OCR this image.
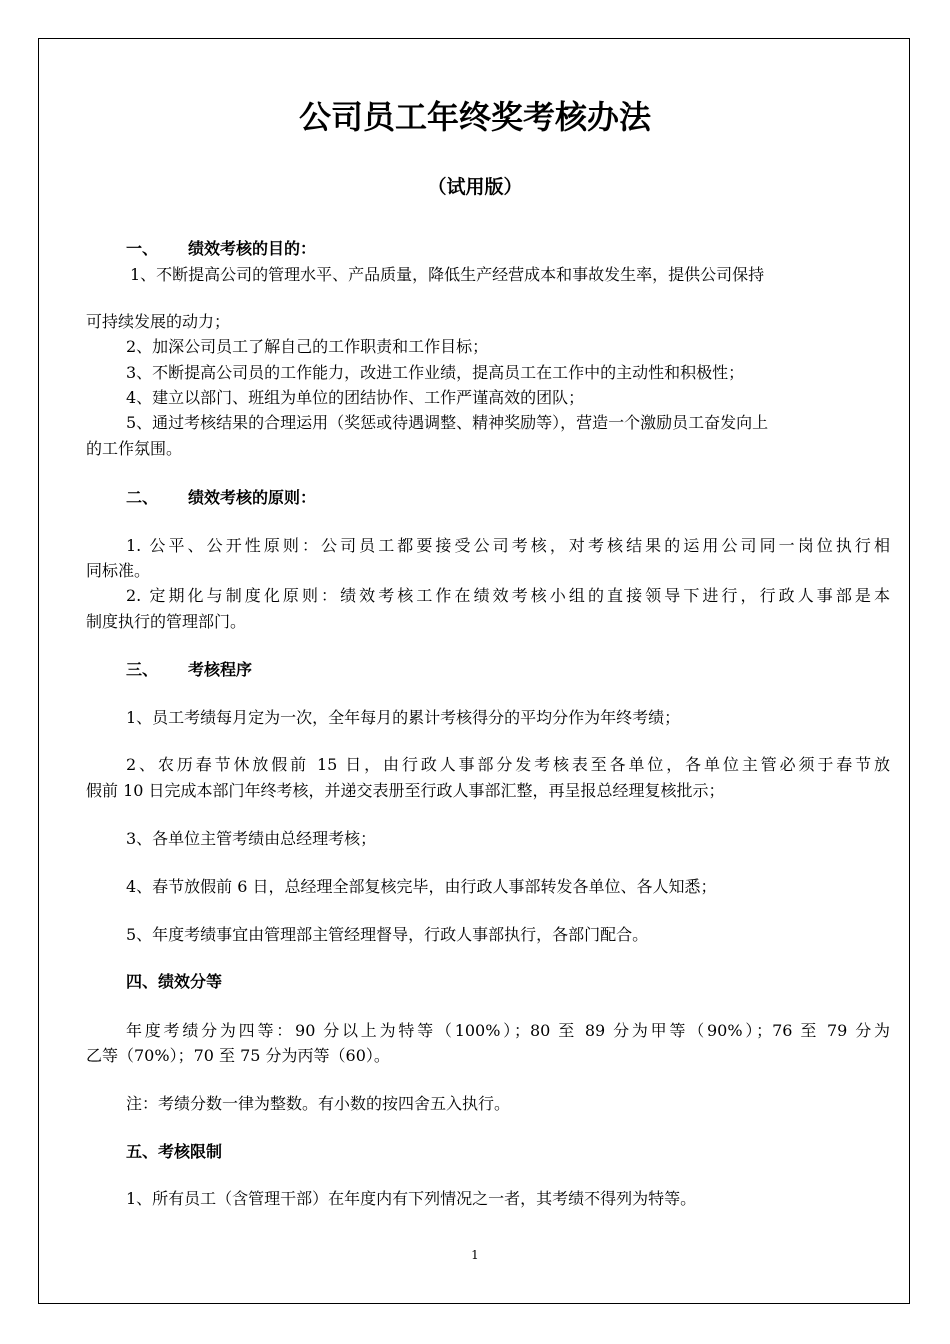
公司员工年终奖考核办法
（试用版）
一、 绩效考核的目的：
1、不断提高公司的管理水平、产品质量，降低生产经营成本和事故发生率，提供公司保持
可持续发展的动力；
2、加深公司员工了解自己的工作职责和工作目标；
3、不断提高公司员的工作能力，改进工作业绩，提高员工在工作中的主动性和积极性；
4、建立以部门、班组为单位的团结协作、工作严谨高效的团队；
5、通过考核结果的合理运用（奖惩或待遇调整、精神奖励等），营造一个激励员工奋发向上
的工作氛围。
二、 绩效考核的原则：
1. 公平、公开性原则：公司员工都要接受公司考核，对考核结果的运用公司同一岗位执行相
同标准。
2. 定期化与制度化原则：绩效考核工作在绩效考核小组的直接领导下进行，行政人事部是本
制度执行的管理部门。
三、 考核程序
1、员工考绩每月定为一次，全年每月的累计考核得分的平均分作为年终考绩；
2、农历春节休放假前 15 日，由行政人事部分发考核表至各单位，各单位主管必须于春节放
假前 10 日完成本部门年终考核，并递交表册至行政人事部汇整，再呈报总经理复核批示；
3、各单位主管考绩由总经理考核；
4、春节放假前 6 日，总经理全部复核完毕，由行政人事部转发各单位、各人知悉；
5、年度考绩事宜由管理部主管经理督导，行政人事部执行，各部门配合。
四、绩效分等
年度考绩分为四等：90 分以上为特等（100%）；80 至 89 分为甲等（90%）；76 至 79 分为
乙等（70%）；70 至 75 分为丙等（60）。
注：考绩分数一律为整数。有小数的按四舍五入执行。
五、考核限制
1、所有员工（含管理干部）在年度内有下列情况之一者，其考绩不得列为特等。
1
